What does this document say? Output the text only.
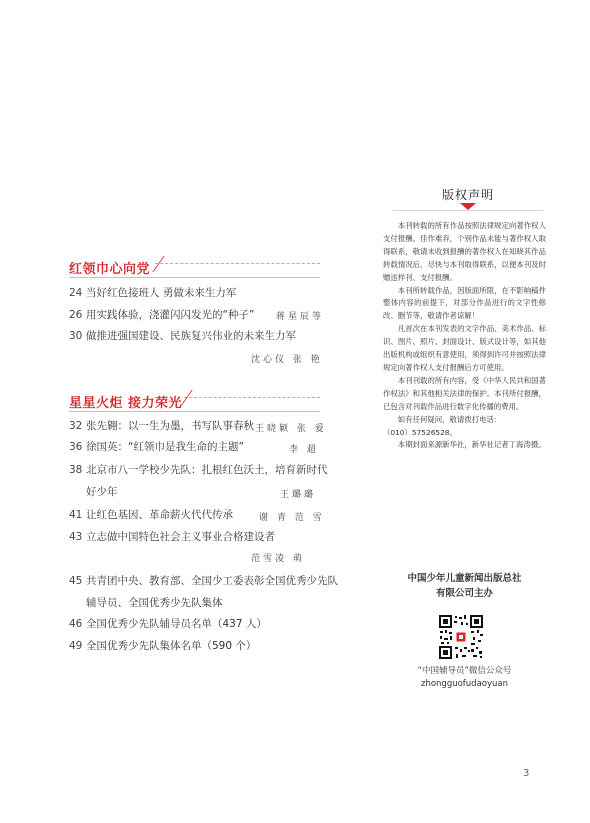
红领巾心向党
24 当好红色接班人 勇做未来生力军
26 用实践体验，浇灌闪闪发光的“种子” 蒋星辰等
30 做推进强国建设、民族复兴伟业的未来生力军
沈心仪 张 艳
星星火炬 接力荣光
32 张先翱：以一生为墨，书写队事春秋 王晓颖 张 爱
36 徐国英：“红领巾是我生命的主题”	李 超
38 北京市八一学校少先队：扎根红色沃土，培育新时代
好少年	王璐璐
41 让红色基因、革命薪火代代传承	谢 青 范 雪
43 立志做中国特色社会主义事业合格建设者
范雪凌 萌
45 共青团中央、教育部、全国少工委表彰全国优秀少先队
辅导员、全国优秀少先队集体
46 全国优秀少先队辅导员名单（437 人）
49 全国优秀少先队集体名单（590 个）
版权声明

本刊转载的所有作品按照法律规定向著作权人支付报酬。佳作难弃，个别作品未能与著作权人取得联系，敬请未收到报酬的著作权人在知晓其作品转载情况后，尽快与本刊取得联系，以便本刊及时赠送样刊、支付报酬。

本刊所转载作品，因版面所限，在不影响稿件整体内容的前提下，对部分作品进行的文字性修改、删节等，敬请作者谅解！

凡首次在本刊发表的文字作品、美术作品、标识、图片、照片、封面设计、版式设计等，如其他出版机构或组织有意使用，须得到许可并按照法律规定向著作权人支付报酬后方可使用。

本刊刊载的所有内容，受《中华人民共和国著作权法》和其他相关法律的保护。本刊所付报酬，已包含对刊载作品进行数字化传播的费用。

如有任何疑问，敬请拨打电话：

（010）57526528。

本期封面来源新华社，新华社记者丁海涛摄。

中国少年儿童新闻出版总社
有限公司主办
“中国辅导员”微信公众号
zhongguofudaoyuan
3
